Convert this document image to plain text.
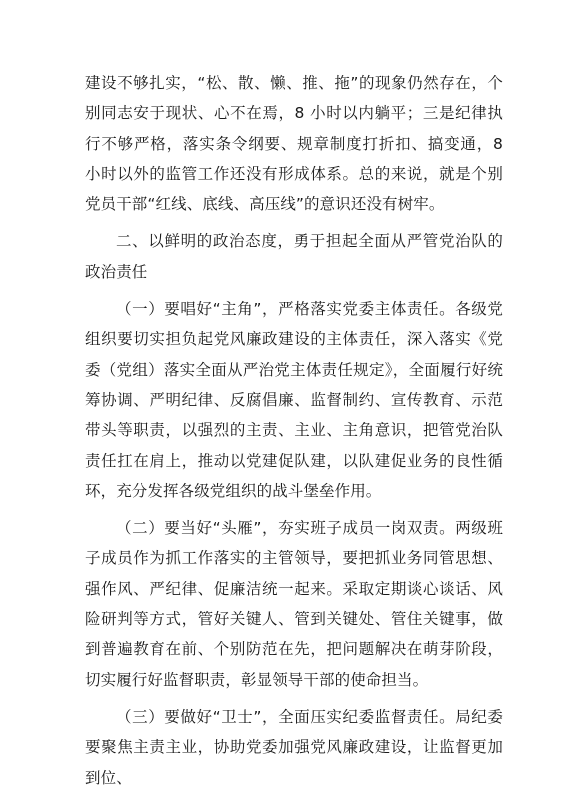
建设不够扎实，“松、散、懒、推、拖”的现象仍然存在，个别同志安于现状、心不在焉，8 小时以内躺平；三是纪律执行不够严格，落实条令纲要、规章制度打折扣、搞变通，8 小时以外的监管工作还没有形成体系。总的来说，就是个别党员干部“红线、底线、高压线”的意识还没有树牢。

二、以鲜明的政治态度，勇于担起全面从严管党治队的政治责任

（一）要唱好“主角”，严格落实党委主体责任。各级党组织要切实担负起党风廉政建设的主体责任，深入落实《党委（党组）落实全面从严治党主体责任规定》，全面履行好统筹协调、严明纪律、反腐倡廉、监督制约、宣传教育、示范带头等职责，以强烈的主责、主业、主角意识，把管党治队责任扛在肩上，推动以党建促队建，以队建促业务的良性循环，充分发挥各级党组织的战斗堡垒作用。

（二）要当好“头雁”，夯实班子成员一岗双责。两级班子成员作为抓工作落实的主管领导，要把抓业务同管思想、强作风、严纪律、促廉洁统一起来。采取定期谈心谈话、风险研判等方式，管好关键人、管到关键处、管住关键事，做到普遍教育在前、个别防范在先，把问题解决在萌芽阶段，切实履行好监督职责，彰显领导干部的使命担当。

（三）要做好“卫士”，全面压实纪委监督责任。局纪委要聚焦主责主业，协助党委加强党风廉政建设，让监督更加到位、
